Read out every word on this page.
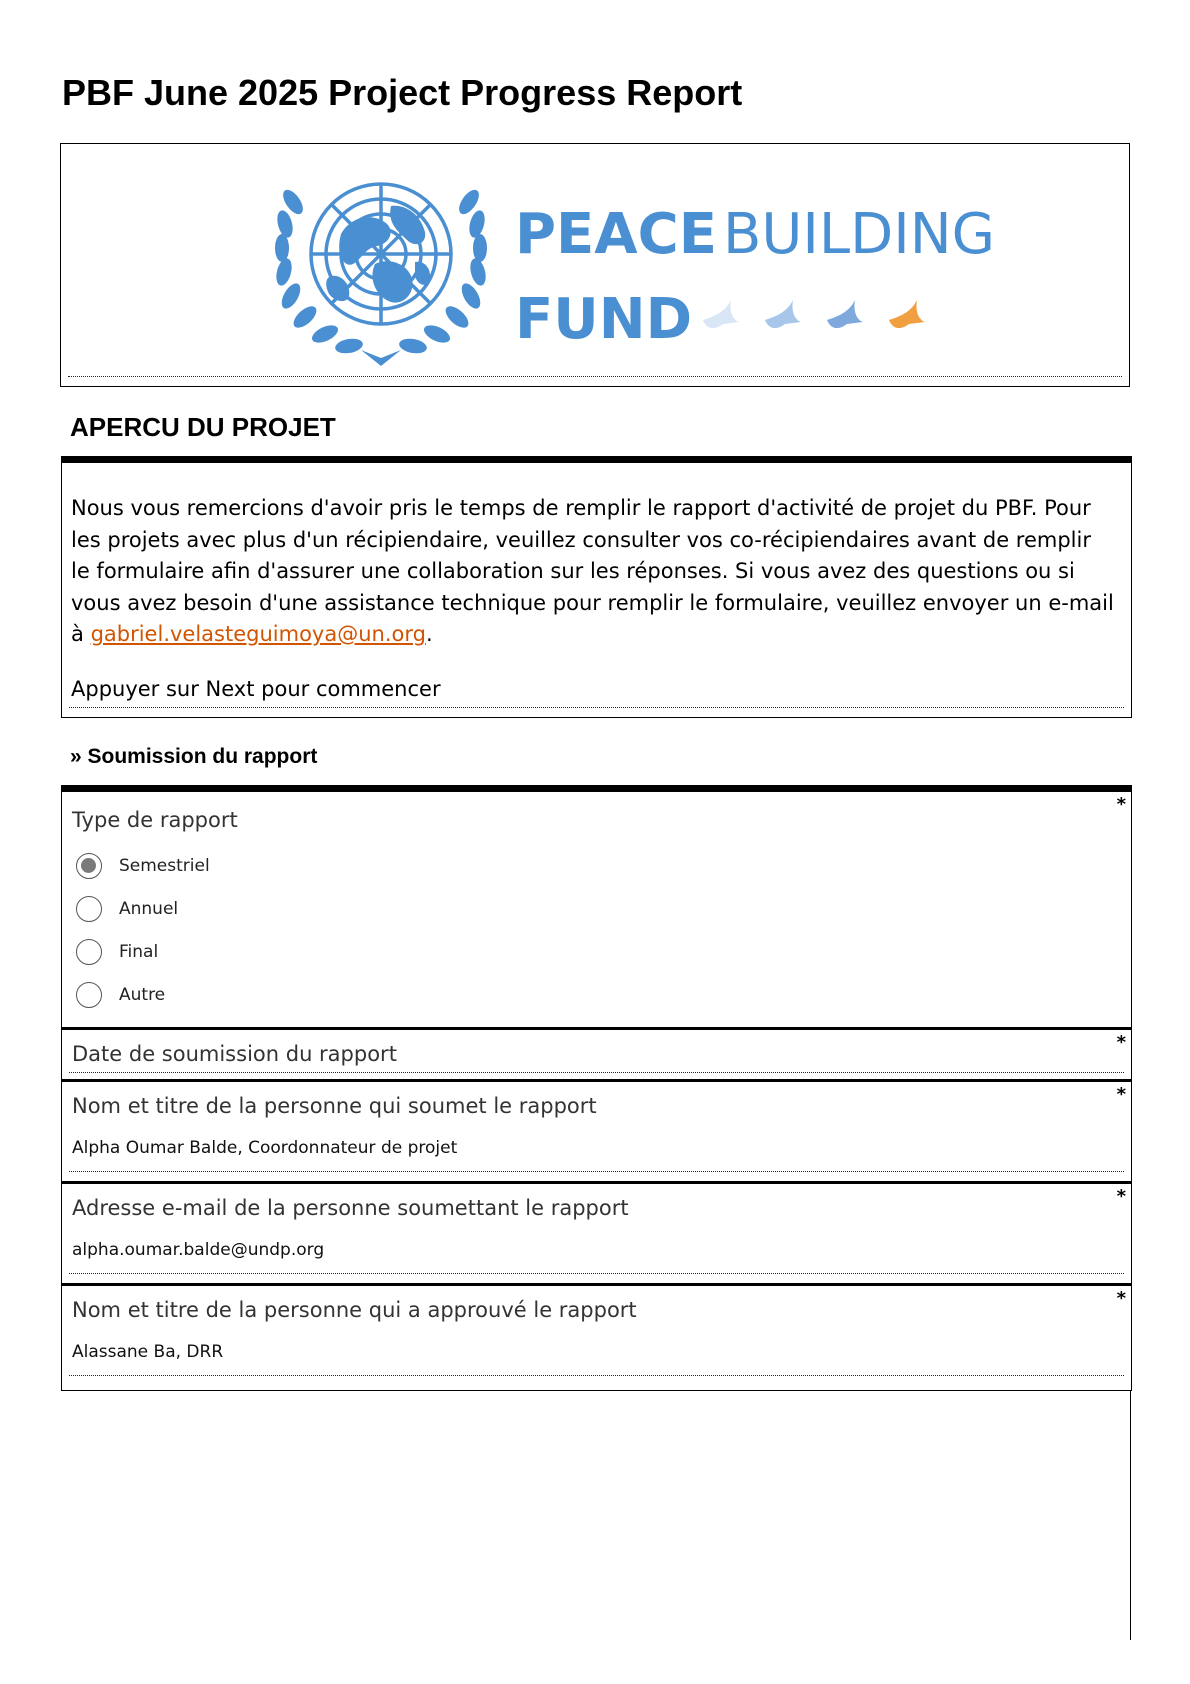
PBF June 2025 Project Progress Report
PEACE BUILDING
FUND
APERCU DU PROJET

Nous vous remercions d'avoir pris le temps de remplir le rapport d'activité de projet du PBF. Pour les projets avec plus d'un récipiendaire, veuillez consulter vos co-récipiendaires avant de remplir le formulaire afin d'assurer une collaboration sur les réponses. Si vous avez des questions ou si vous avez besoin d'une assistance technique pour remplir le formulaire, veuillez envoyer un e-mail à gabriel.velasteguimoya@un.org.

Appuyer sur Next pour commencer

» Soumission du rapport
Type de rapport
*
Semestriel
Annuel
Final
Autre
Date de soumission du rapport	*
Nom et titre de la personne qui soumet le rapport	*
Alpha Oumar Balde, Coordonnateur de projet
Adresse e-mail de la personne soumettant le rapport	*
alpha.oumar.balde@undp.org
Nom et titre de la personne qui a approuvé le rapport	*
Alassane Ba, DRR
